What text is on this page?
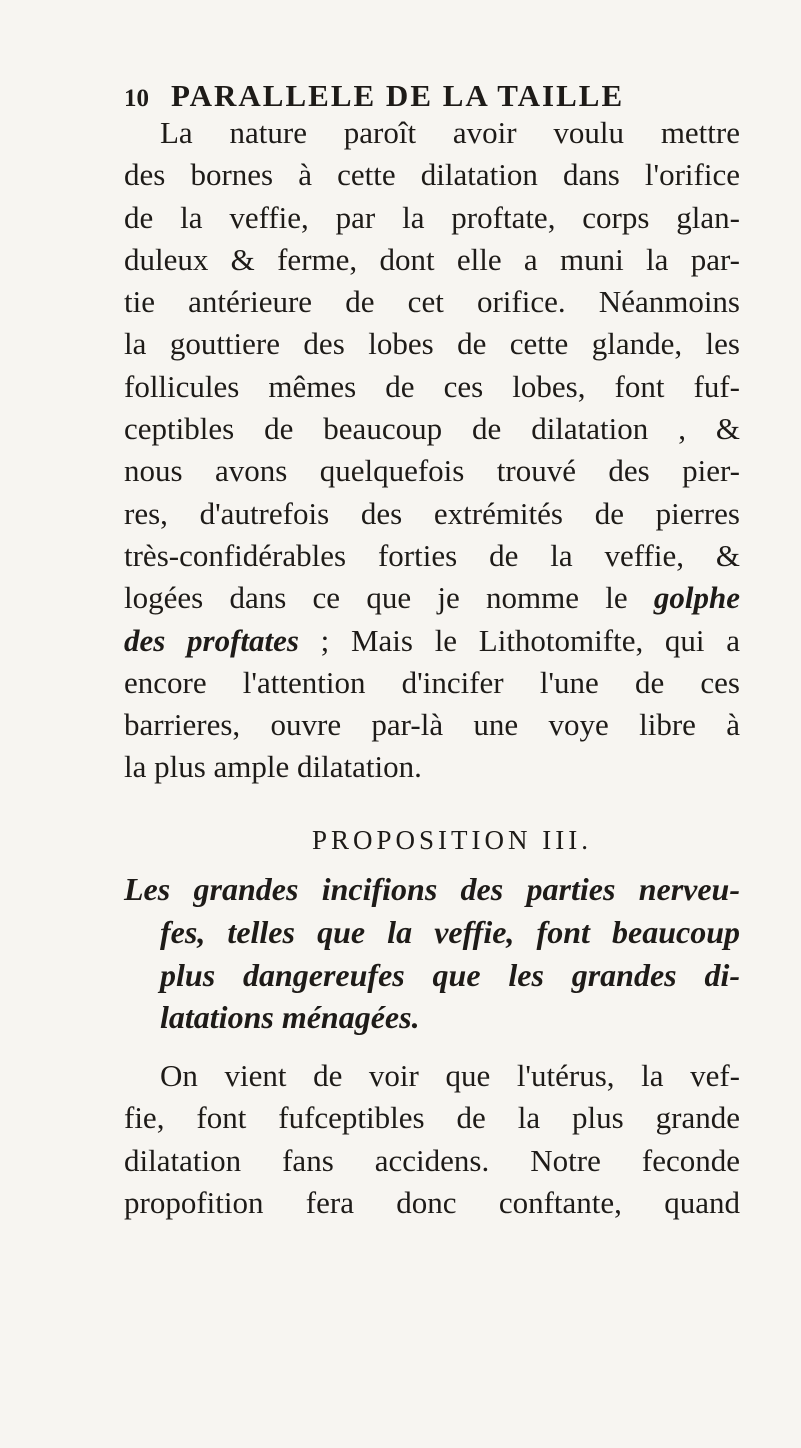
10 PARALLELE DE LA TAILLE
La nature paroît avoir voulu mettre
des bornes à cette dilatation dans l'orifice
de la veffie, par la proftate, corps glan-
duleux & ferme, dont elle a muni la par-
tie antérieure de cet orifice. Néanmoins
la gouttiere des lobes de cette glande, les
follicules mêmes de ces lobes, font fuf-
ceptibles de beaucoup de dilatation , &
nous avons quelquefois trouvé des pier-
res, d'autrefois des extrémités de pierres
très-confidérables forties de la veffie, &
logées dans ce que je nomme le golphe
des proftates ; Mais le Lithotomifte, qui a
encore l'attention d'incifer l'une de ces
barrieres, ouvre par-là une voye libre à
la plus ample dilatation.
PROPOSITION III.
Les grandes incifions des parties nerveu-
fes, telles que la veffie, font beaucoup
plus dangereufes que les grandes di-
latations ménagées.
On vient de voir que l'utérus, la vef-
fie, font fufceptibles de la plus grande
dilatation fans accidens. Notre feconde
propofition fera donc conftante, quand
